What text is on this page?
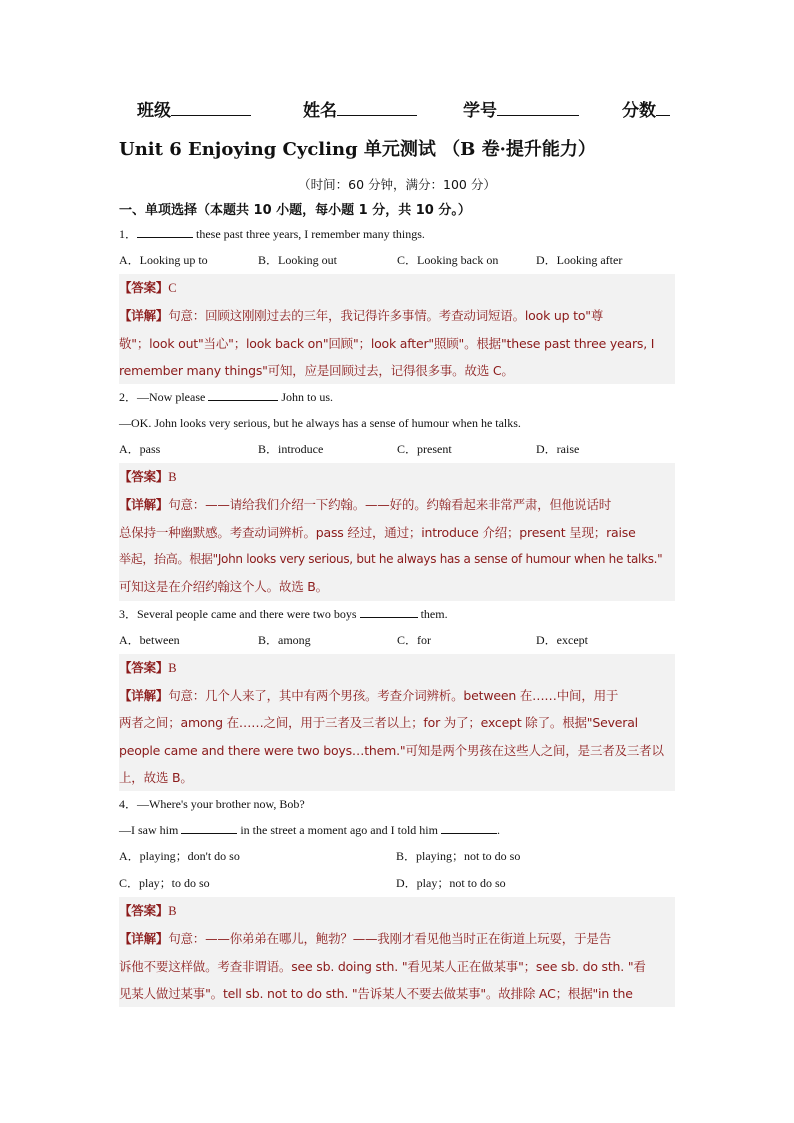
班级	姓名	学号	分数
Unit 6 Enjoying Cycling 单元测试 （B 卷·提升能力）
（时间：60 分钟，满分：100 分）
一、单项选择（本题共 10 小题，每小题 1 分，共 10 分。）
1．	these past three years, I remember many things.
A．Looking up to	B．Looking out	C．Looking back on	D．Looking after
【答案】C
【详解】句意：回顾这刚刚过去的三年，我记得许多事情。考查动词短语。look up to"尊
敬"；look out"当心"；look back on"回顾"；look after"照顾"。根据"these past three years, I
remember many things"可知，应是回顾过去，记得很多事。故选 C。
2．—Now please	John to us.
—OK. John looks very serious, but he always has a sense of humour when he talks.
A．pass	B．introduce	C．present	D．raise
【答案】B
【详解】句意：——请给我们介绍一下约翰。——好的。约翰看起来非常严肃，但他说话时
总保持一种幽默感。考查动词辨析。pass 经过，通过；introduce 介绍；present 呈现；raise
举起，抬高。根据"John looks very serious, but he always has a sense of humour when he talks."
可知这是在介绍约翰这个人。故选 B。
3．Several people came and there were two boys	them.
A．between	B．among	C．for	D．except
【答案】B
【详解】句意：几个人来了，其中有两个男孩。考查介词辨析。between 在……中间，用于
两者之间；among 在……之间，用于三者及三者以上；for 为了；except 除了。根据"Several
people came and there were two boys…them."可知是两个男孩在这些人之间，是三者及三者以
上，故选 B。
4．—Where's your brother now, Bob?
—I saw him	in the street a moment ago and I told him	.
A．playing；don't do so	B．playing；not to do so
C．play；to do so	D．play；not to do so
【答案】B
【详解】句意：——你弟弟在哪儿，鲍勃？——我刚才看见他当时正在街道上玩耍，于是告
诉他不要这样做。考查非谓语。see sb. doing sth. "看见某人正在做某事"；see sb. do sth. "看
见某人做过某事"。tell sb. not to do sth. "告诉某人不要去做某事"。故排除 AC；根据"in the
